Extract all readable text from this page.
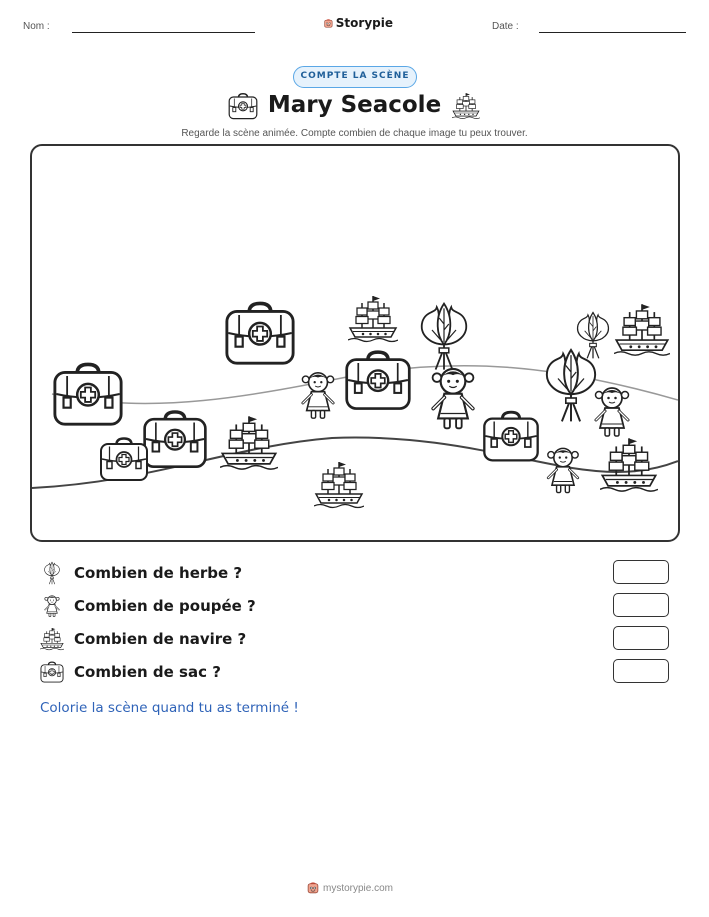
Nom :	Storypie	Date :
COMPTE LA SCÈNE
Mary Seacole
Regarde la scène animée. Compte combien de chaque image tu peux trouver.
Combien de herbe ?
Combien de poupée ?
Combien de navire ?
Combien de sac ?
Colorie la scène quand tu as terminé !
mystorypie.com
